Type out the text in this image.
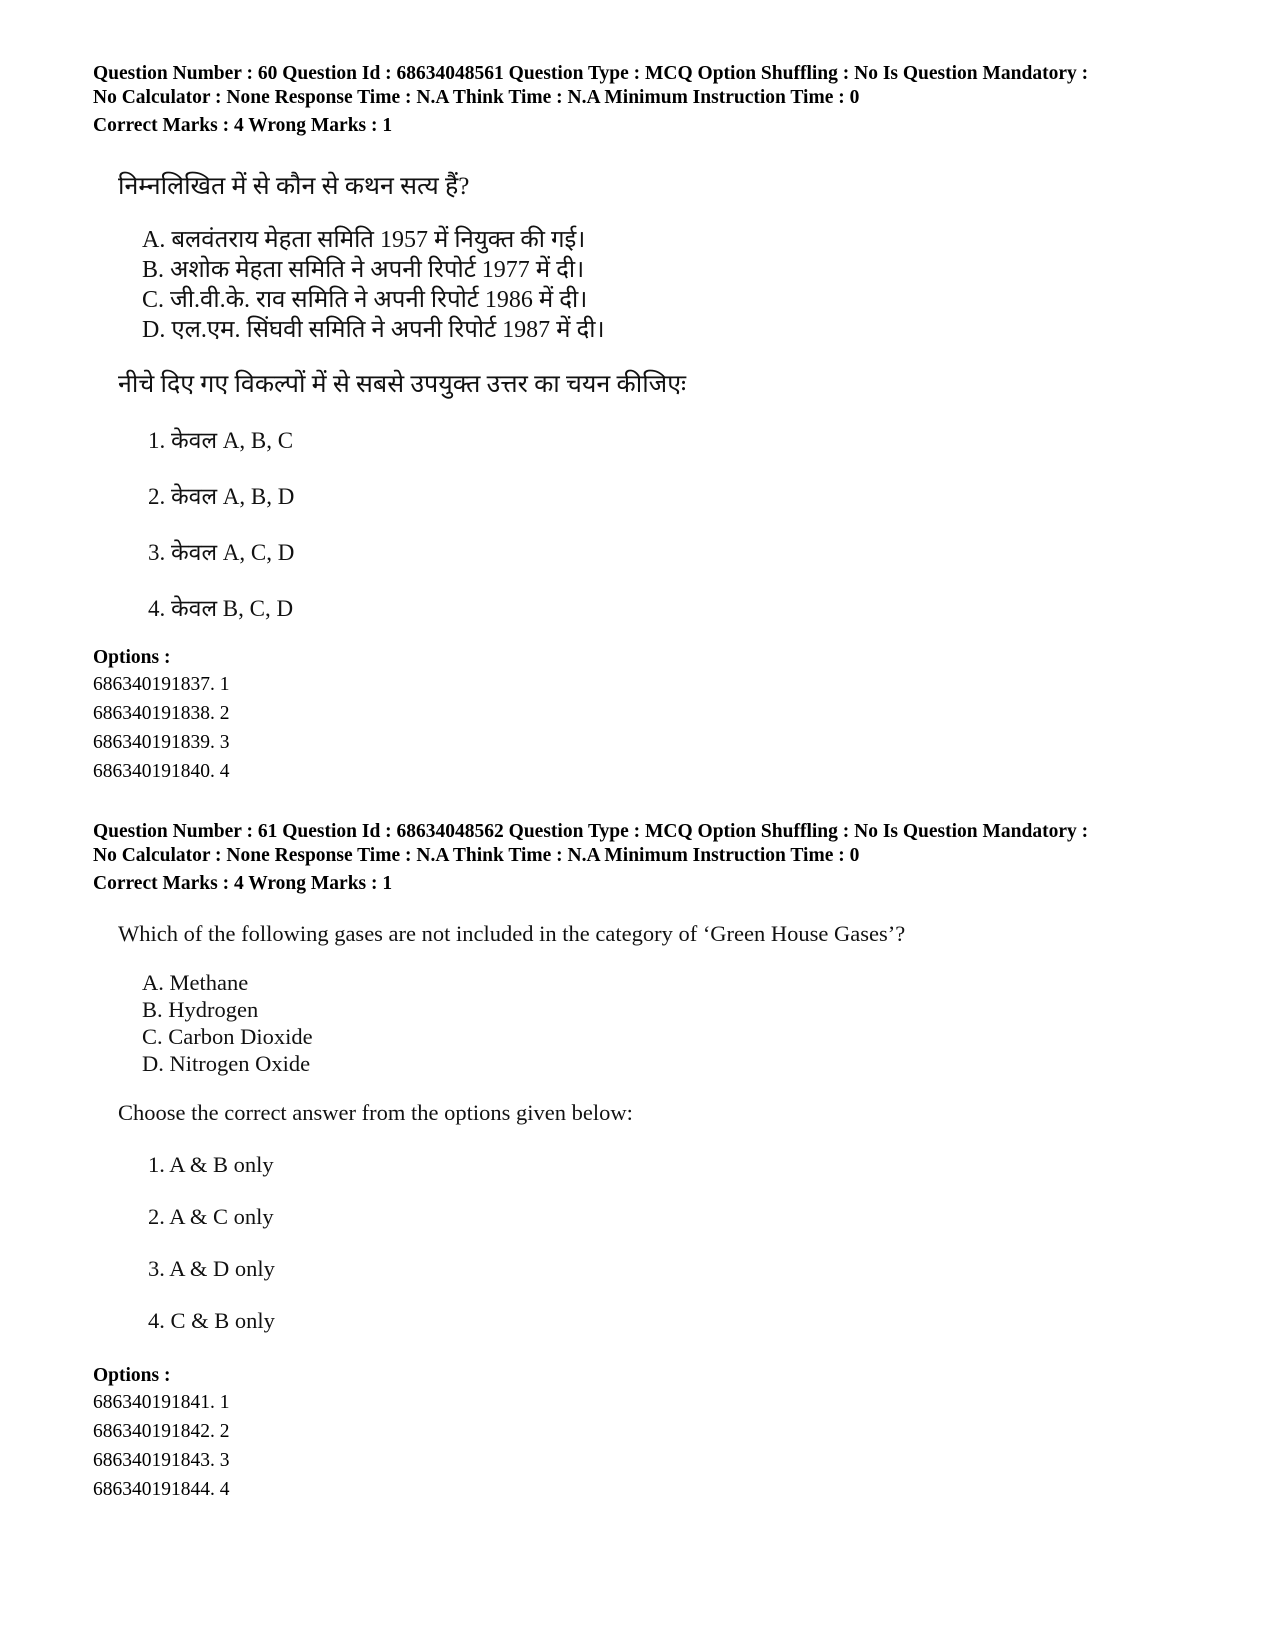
Question Number : 60 Question Id : 68634048561 Question Type : MCQ Option Shuffling : No Is Question Mandatory :
No Calculator : None Response Time : N.A Think Time : N.A Minimum Instruction Time : 0
Correct Marks : 4 Wrong Marks : 1
निम्नलिखित में से कौन से कथन सत्य हैं?
A. बलवंतराय मेहता समिति 1957 में नियुक्त की गई।
B. अशोक मेहता समिति ने अपनी रिपोर्ट 1977 में दी।
C. जी.वी.के. राव समिति ने अपनी रिपोर्ट 1986 में दी।
D. एल.एम. सिंघवी समिति ने अपनी रिपोर्ट 1987 में दी।
नीचे दिए गए विकल्पों में से सबसे उपयुक्त उत्तर का चयन कीजिएः
1. केवल A, B, C
2. केवल A, B, D
3. केवल A, C, D
4. केवल B, C, D
Options :
686340191837. 1
686340191838. 2
686340191839. 3
686340191840. 4
Question Number : 61 Question Id : 68634048562 Question Type : MCQ Option Shuffling : No Is Question Mandatory :
No Calculator : None Response Time : N.A Think Time : N.A Minimum Instruction Time : 0
Correct Marks : 4 Wrong Marks : 1
Which of the following gases are not included in the category of ‘Green House Gases’?
A. Methane
B. Hydrogen
C. Carbon Dioxide
D. Nitrogen Oxide
Choose the correct answer from the options given below:
1. A & B only
2. A & C only
3. A & D only
4. C & B only
Options :
686340191841. 1
686340191842. 2
686340191843. 3
686340191844. 4
